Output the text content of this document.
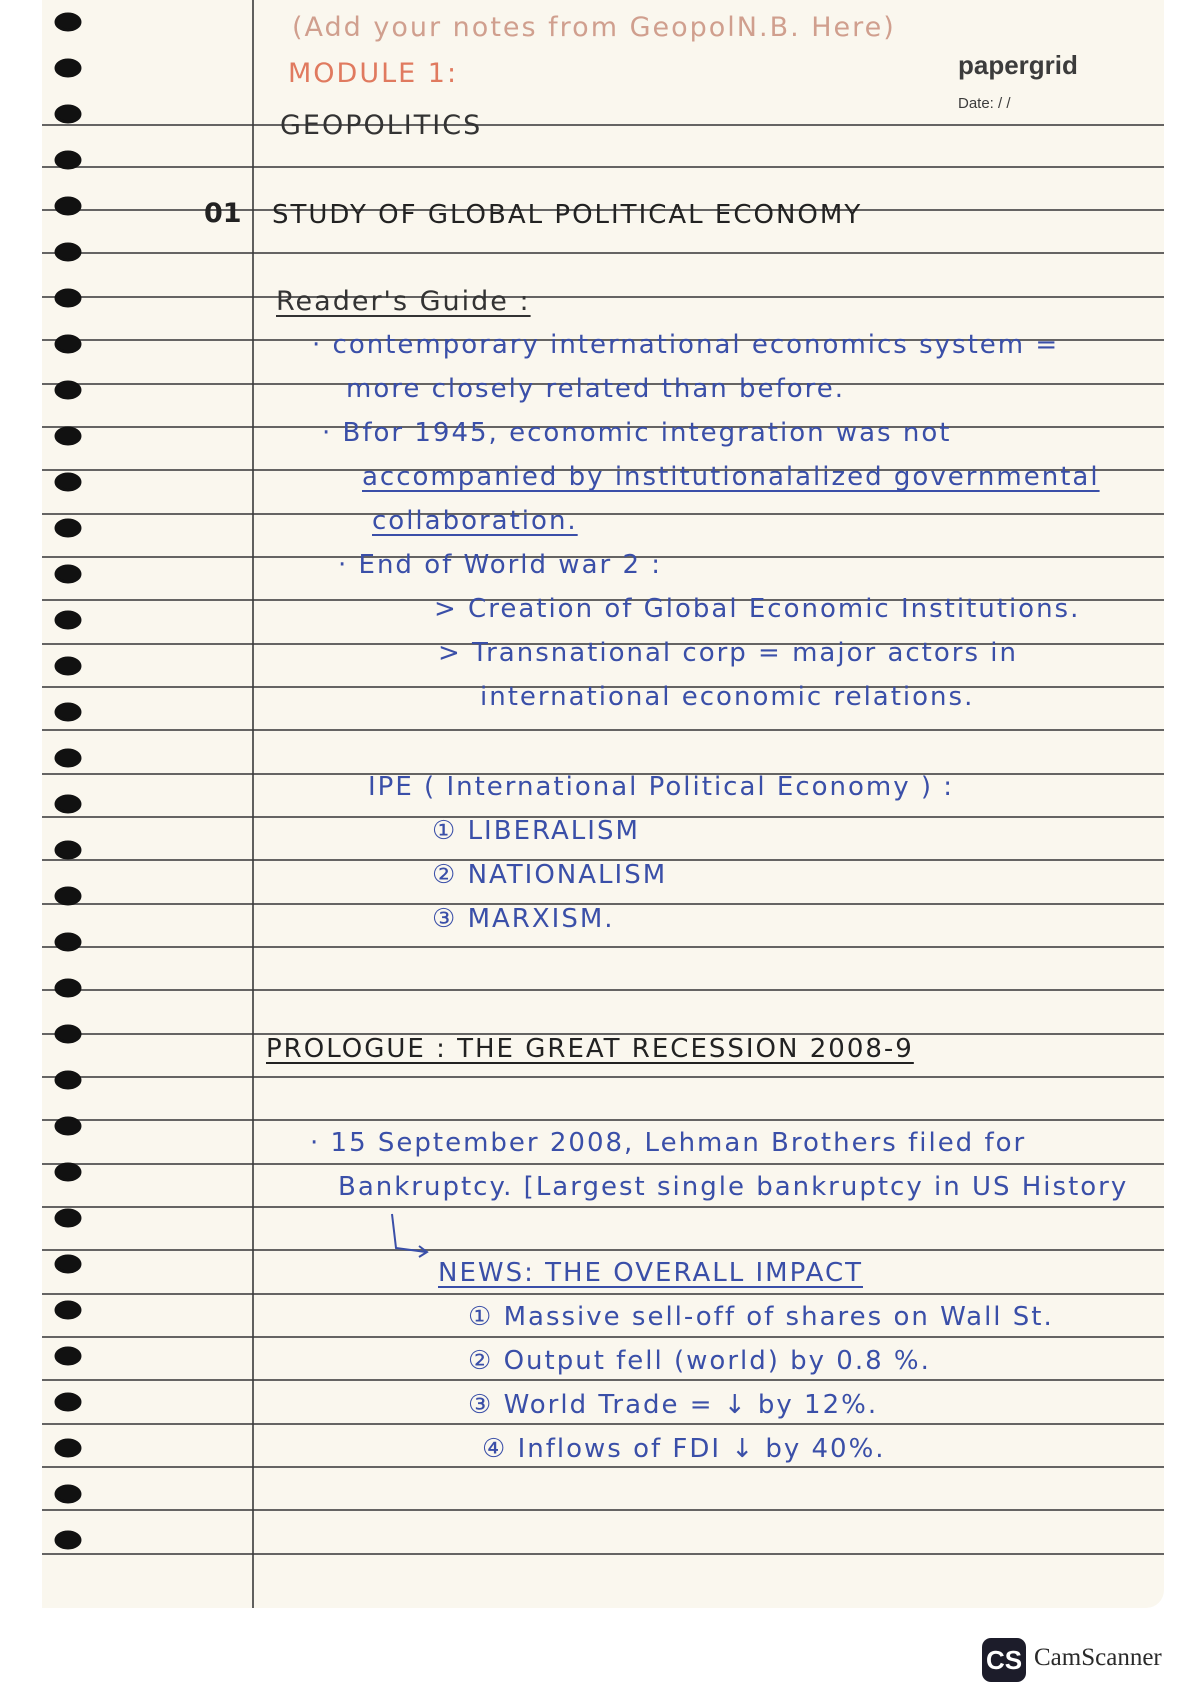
(Add your notes from GeopolN.B. Here)
MODULE 1:
GEOPOLITICS
papergrid
Date: / /
01 STUDY OF GLOBAL POLITICAL ECONOMY
Reader's Guide :
· contemporary international economics system =
more closely related than before.
· Bfor 1945, economic integration was not
accompanied by institutionalalized governmental
collaboration.
· End of World war 2 :
> Creation of Global Economic Institutions.
> Transnational corp = major actors in
international economic relations.
IPE ( International Political Economy ) :
① LIBERALISM
② NATIONALISM
③ MARXISM.
PROLOGUE : THE GREAT RECESSION 2008-9
· 15 September 2008, Lehman Brothers filed for
Bankruptcy. [Largest single bankruptcy in US History
NEWS: THE OVERALL IMPACT
① Massive sell-off of shares on Wall St.
② Output fell (world) by 0.8 %.
③ World Trade = ↓ by 12%.
④ Inflows of FDI ↓ by 40%.
CS CamScanner
